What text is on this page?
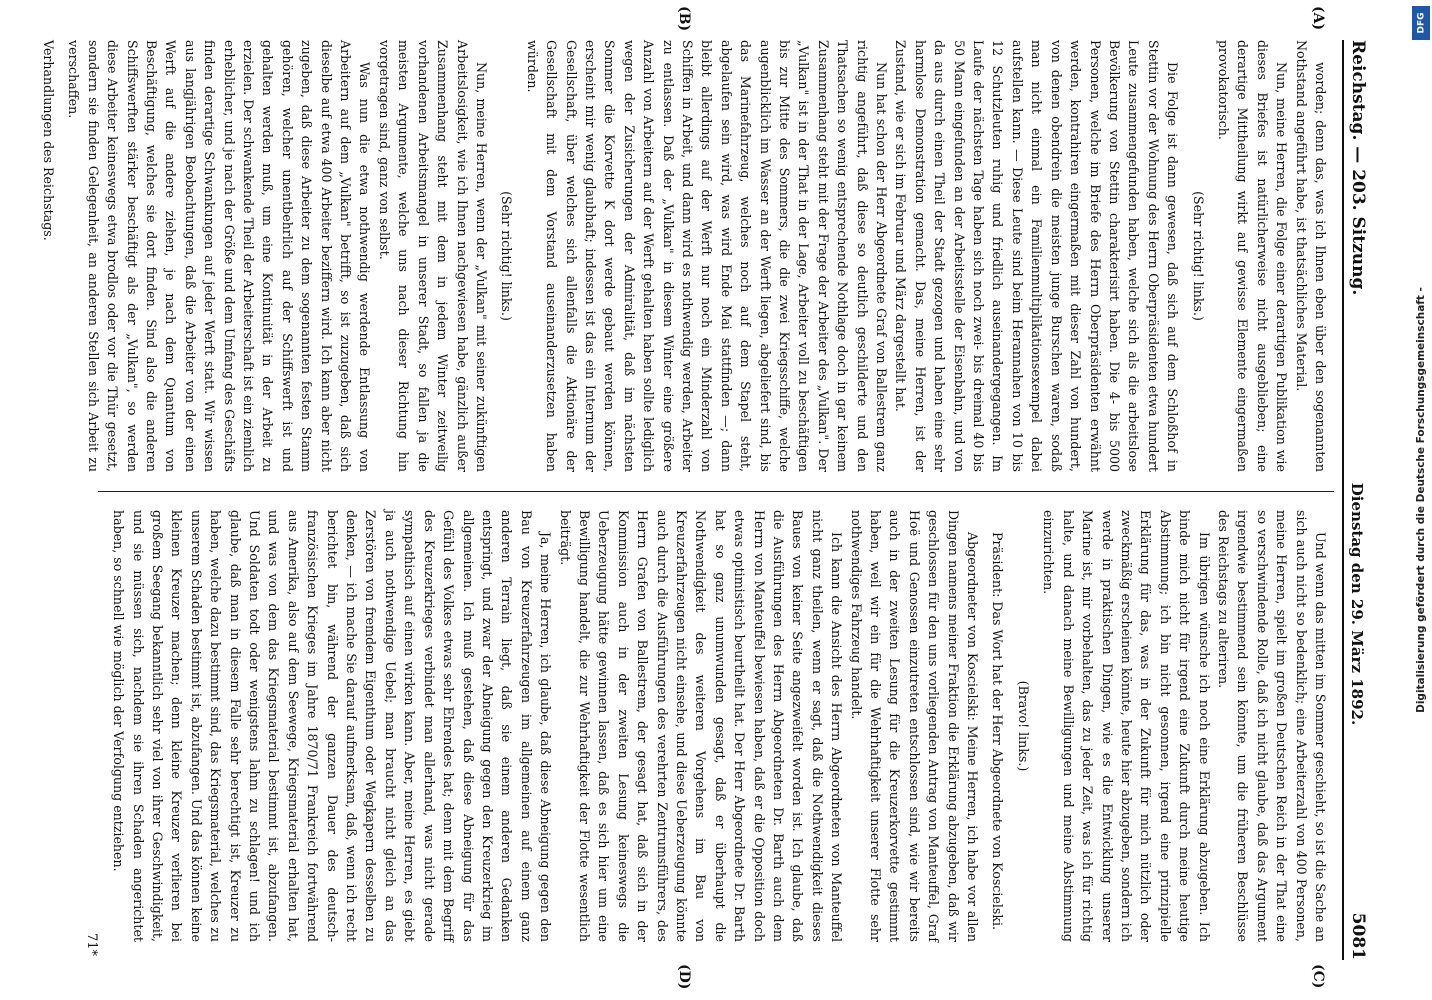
Reichstag. — 203. Sitzung.
Dienstag den 29. März 1892.
5081
(A)
(B)
(C)
(D)

worden; denn das, was ich Ihnen eben über den sogenannten Nothstand angeführt habe, ist thatsächliches Material.

Nun, meine Herren, die Folge einer derartigen Publikation wie dieses Briefes ist natürlicherweise nicht ausgeblieben; eine derartige Mittheilung wirkt auf gewisse Elemente eingermaßen provokatorisch.

(Sehr richtig! links.)

Die Folge ist dann gewesen, daß sich auf dem Schloßhof in Stettin vor der Wohnung des Herrn Oberpräsidenten etwa hundert Leute zusammengefunden haben, welche sich als die arbeitslose Bevölkerung von Stettin charakterisirt haben. Die 4- bis 5000 Personen, welche im Briefe des Herrn Oberpräsidenten erwähnt werden, kontrahiren eingermaßen mit dieser Zahl von hundert, von denen obendrein die meisten junge Burschen waren, sodaß man nicht einmal ein Familienmultiplikationsexempel dabei aufstellen kann. — Diese Leute sind beim Herannahen von 10 bis 12 Schutzleuten ruhig und friedlich auseinandergegangen. Im Laufe der nächsten Tage haben sich noch zwei- bis dreimal 40 bis 50 Mann eingefunden an der Arbeitsstelle der Eisenbahn, und von da aus durch einen Theil der Stadt gezogen und haben eine sehr harmlose Demonstration gemacht. Das, meine Herren, ist der Zustand, wie er sich im Februar und März dargestellt hat.

Nun hat schon der Herr Abgeordnete Graf von Ballestrem ganz richtig angeführt, daß diese so deutlich geschilderte und den Thatsachen so wenig entsprechende Nothlage doch in gar keinem Zusammenhang steht mit der Frage der Arbeiter des „Vulkan". Der „Vulkan" ist in der That in der Lage, Arbeiter voll zu beschäftigen bis zur Mitte des Sommers, die die zwei Kriegsschiffe, welche augenblicklich im Wasser an der Werft liegen, abgeliefert sind, bis das Marinefahrzeug, welches noch auf dem Stapel steht, abgelaufen sein wird, was wird Ende Mai stattfinden —; dann bleibt allerdings auf der Werft nur noch ein Minderzahl von Schiffen in Arbeit, und dann wird es nothwendig werden, Arbeiter zu entlassen. Daß der „Vulkan" in diesem Winter eine größere Anzahl von Arbeitern auf der Werft gehalten haben sollte lediglich wegen der Zusicherungen der Admiralität, daß im nächsten Sommer die Korvette K dort werde gebaut werden können, erscheint mir wenig glaubhaft; indessen ist das ein Internum der Gesellschaft, über welches sich allenfalls die Aktionäre der Gesellschaft mit dem Vorstand auseinanderzusetzen haben würden.

(Sehr richtig! links.)

Nun, meine Herren, wenn der „Vulkan" mit seiner zukünftigen Arbeitslosigkeit, wie ich Ihnen nachgewiesen habe, gänzlich außer Zusammenhang steht mit dem in jedem Winter zeitweilig vorhandenen Arbeitsmangel in unserer Stadt, so fallen ja die meisten Argumente, welche uns nach dieser Richtung hin vorgetragen sind, ganz von selbst.

Was nun die etwa nothwendig werdende Entlassung von Arbeitern auf dem „Vulkan" betrifft, so ist zuzugeben, daß sich dieselbe auf etwa 400 Arbeiter beziffern wird. Ich kann aber nicht zugeben, daß diese Arbeiter zu dem sogenannten festen Stamm gehören, welcher unentbehrlich auf der Schiffswerft ist und gehalten werden muß, um eine Kontinuität in der Arbeit zu erzielen. Der schwankende Theil der Arbeiterschaft ist ein ziemlich erheblicher, und je nach der Größe und dem Umfang des Geschäfts finden derartige Schwankungen auf jeder Werft statt. Wir wissen aus langjährigen Beobachtungen, daß die Arbeiter von der einen Werft auf die andere ziehen, je nach dem Quantum von Beschäftigung, welches sie dort finden. Sind also die anderen Schiffswerften stärker beschäftigt als der „Vulkan", so werden diese Arbeiter keineswegs etwa brodlos oder vor die Thür gesetzt, sondern sie finden Gelegenheit, an anderen Stellen sich Arbeit zu verschaffen.

Verhandlungen des Reichstags.

Und wenn das mitten im Sommer geschieht, so ist die Sache an sich auch nicht so bedenklich; eine Arbeiterzahl von 400 Personen, meine Herren, spielt im großen Deutschen Reich in der That eine so verschwindende Rolle, daß ich nicht glaube, daß das Argument irgendwie bestimmend sein könnte, um die früheren Beschlüsse des Reichstags zu alteriren.

Im übrigen wünsche ich noch eine Erklärung abzugeben. Ich binde mich nicht für irgend eine Zukunft durch meine heutige Abstimmung; ich bin nicht gesonnen, irgend eine prinzipielle Erklärung für das, was in der Zukunft für mich nützlich oder zweckmäßig erscheinen könnte, heute hier abzugeben, sondern ich werde in praktischen Dingen, wie es die Entwicklung unserer Marine ist, mir vorbehalten, das zu jeder Zeit, was ich für richtig halte, und danach meine Bewilligungen und meine Abstimmung einzurichten.

(Bravo! links.)

Präsident: Das Wort hat der Herr Abgeordnete von Koscielski.

Abgeordneter von Koscielski: Meine Herren, ich habe vor allen Dingen namens meiner Fraktion die Erklärung abzugeben, daß wir geschlossen für den uns vorliegenden Antrag von Manteuffel, Graf Hoë und Genossen einzutreten entschlossen sind, wie wir bereits auch in der zweiten Lesung für die Kreuzerkorvette gestimmt haben, weil wir ein für die Wehrhaftigkeit unserer Flotte sehr nothwendiges Fahrzeug handelt.

Ich kann die Ansicht des Herrn Abgeordneten von Manteuffel nicht ganz theilen, wenn er sagt, daß die Nothwendigkeit dieses Baues von keiner Seite angezweifelt worden ist. Ich glaube, daß die Ausführungen des Herrn Abgeordneten Dr. Barth auch dem Herrn von Manteuffel bewiesen haben, daß er die Opposition doch etwas optimistisch beurtheilt hat. Der Herr Abgeordnete Dr. Barth hat so ganz unumwunden gesagt, daß er überhaupt die Nothwendigkeit des weiteren Vorgehens im Bau von Kreuzerfahrzeugen nicht einsehe, und diese Ueberzeugung könnte auch durch die Ausführungen des verehrten Zentrumsführers, des Herrn Grafen von Ballestrem, der gesagt hat, daß sich in der Kommission auch in der zweiten Lesung keineswegs die Ueberzeugung hätte gewinnen lassen, daß es sich hier um eine Bewilligung handelt, die zur Wehrhaftigkeit der Flotte wesentlich beiträgt.

Ja, meine Herren, ich glaube, daß diese Abneigung gegen den Bau von Kreuzerfahrzeugen im allgemeinen auf einem ganz anderen Terrain liegt, daß sie einem anderen Gedanken entspringt, und zwar der Abneigung gegen den Kreuzerkrieg im allgemeinen. Ich muß gestehen, daß diese Abneigung für das Gefühl des Volkes etwas sehr Ehrendes hat; denn mit dem Begriff des Kreuzerkrieges verbindet man allerhand, was nicht gerade sympathisch auf einen wirken kann. Aber, meine Herren, es giebt ja auch nothwendige Uebel; man braucht nicht gleich an das Zerstören von fremdem Eigenthum oder Wegkapern desselben zu denken, — ich mache Sie darauf aufmerksam, daß, wenn ich recht berichtet bin, während der ganzen Dauer des deutsch-französischen Krieges im Jahre 1870/71 Frankreich fortwährend aus Amerika, also auf dem Seewege, Kriegsmaterial erhalten hat, und was von dem das Kriegsmaterial bestimmt ist, abzufangen. Und Soldaten todt oder wenigstens lahm zu schlagen! und ich glaube, daß man in diesem Falle sehr berechtigt ist, Kreuzer zu haben, welche dazu bestimmt sind, das Kriegsmaterial, welches zu unserem Schaden bestimmt ist, abzufangen. Und das können keine kleinen Kreuzer machen; denn kleine Kreuzer verlieren bei großem Seegang bekanntlich sehr viel von ihrer Geschwindigkeit, und sie müssen sich, nachdem sie ihren Schaden angerichtet haben, so schnell wie möglich der Verfolgung entziehen.

71*
DFG
Digitalisierung gefördert durch die Deutsche Forschungsgemeinschaft -
